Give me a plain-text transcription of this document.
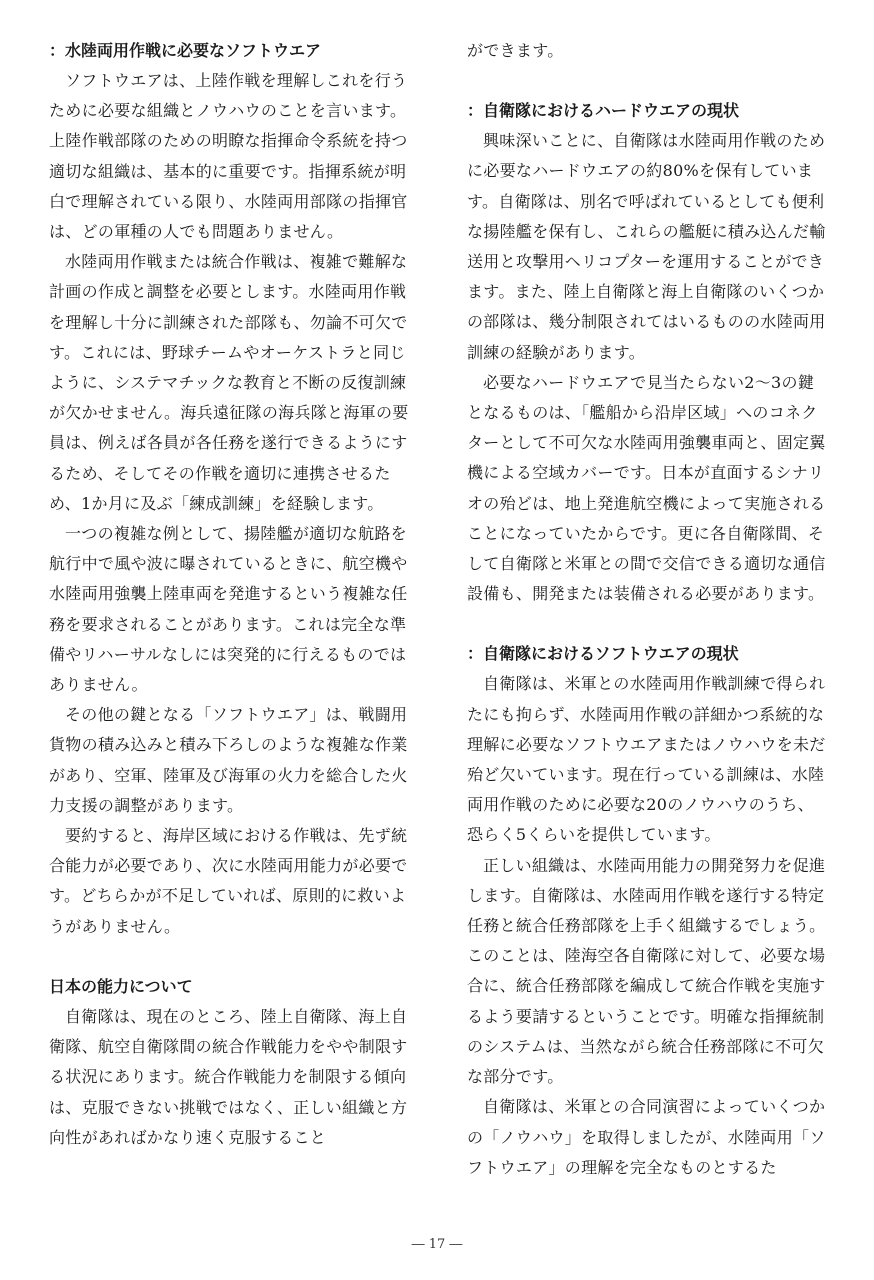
：水陸両用作戦に必要なソフトウエア

ソフトウエアは、上陸作戦を理解しこれを行うために必要な組織とノウハウのことを言います。上陸作戦部隊のための明瞭な指揮命令系統を持つ適切な組織は、基本的に重要です。指揮系統が明白で理解されている限り、水陸両用部隊の指揮官は、どの軍種の人でも問題ありません。

水陸両用作戦または統合作戦は、複雑で難解な計画の作成と調整を必要とします。水陸両用作戦を理解し十分に訓練された部隊も、勿論不可欠です。これには、野球チームやオーケストラと同じように、システマチックな教育と不断の反復訓練が欠かせません。海兵遠征隊の海兵隊と海軍の要員は、例えば各員が各任務を遂行できるようにするため、そしてその作戦を適切に連携させるため、1か月に及ぶ「練成訓練」を経験します。

一つの複雑な例として、揚陸艦が適切な航路を航行中で風や波に曝されているときに、航空機や水陸両用強襲上陸車両を発進するという複雑な任務を要求されることがあります。これは完全な準備やリハーサルなしには突発的に行えるものではありません。

その他の鍵となる「ソフトウエア」は、戦闘用貨物の積み込みと積み下ろしのような複雑な作業があり、空軍、陸軍及び海軍の火力を総合した火力支援の調整があります。

要約すると、海岸区域における作戦は、先ず統合能力が必要であり、次に水陸両用能力が必要です。どちらかが不足していれば、原則的に救いようがありません。

日本の能力について

自衛隊は、現在のところ、陸上自衛隊、海上自衛隊、航空自衛隊間の統合作戦能力をやや制限する状況にあります。統合作戦能力を制限する傾向は、克服できない挑戦ではなく、正しい組織と方向性があればかなり速く克服すること

ができます。

：自衛隊におけるハードウエアの現状

興味深いことに、自衛隊は水陸両用作戦のために必要なハードウエアの約80%を保有しています。自衛隊は、別名で呼ばれているとしても便利な揚陸艦を保有し、これらの艦艇に積み込んだ輸送用と攻撃用ヘリコプターを運用することができます。また、陸上自衛隊と海上自衛隊のいくつかの部隊は、幾分制限されてはいるものの水陸両用訓練の経験があります。

必要なハードウエアで見当たらない2～3の鍵となるものは、「艦船から沿岸区域」へのコネクターとして不可欠な水陸両用強襲車両と、固定翼機による空域カバーです。日本が直面するシナリオの殆どは、地上発進航空機によって実施されることになっていたからです。更に各自衛隊間、そして自衛隊と米軍との間で交信できる適切な通信設備も、開発または装備される必要があります。

：自衛隊におけるソフトウエアの現状

自衛隊は、米軍との水陸両用作戦訓練で得られたにも拘らず、水陸両用作戦の詳細かつ系統的な理解に必要なソフトウエアまたはノウハウを未だ殆ど欠いています。現在行っている訓練は、水陸両用作戦のために必要な20のノウハウのうち、恐らく5くらいを提供しています。

正しい組織は、水陸両用能力の開発努力を促進します。自衛隊は、水陸両用作戦を遂行する特定任務と統合任務部隊を上手く組織するでしょう。このことは、陸海空各自衛隊に対して、必要な場合に、統合任務部隊を編成して統合作戦を実施するよう要請するということです。明確な指揮統制のシステムは、当然ながら統合任務部隊に不可欠な部分です。

自衛隊は、米軍との合同演習によっていくつかの「ノウハウ」を取得しましたが、水陸両用「ソフトウエア」の理解を完全なものとするた

― 17 ―
